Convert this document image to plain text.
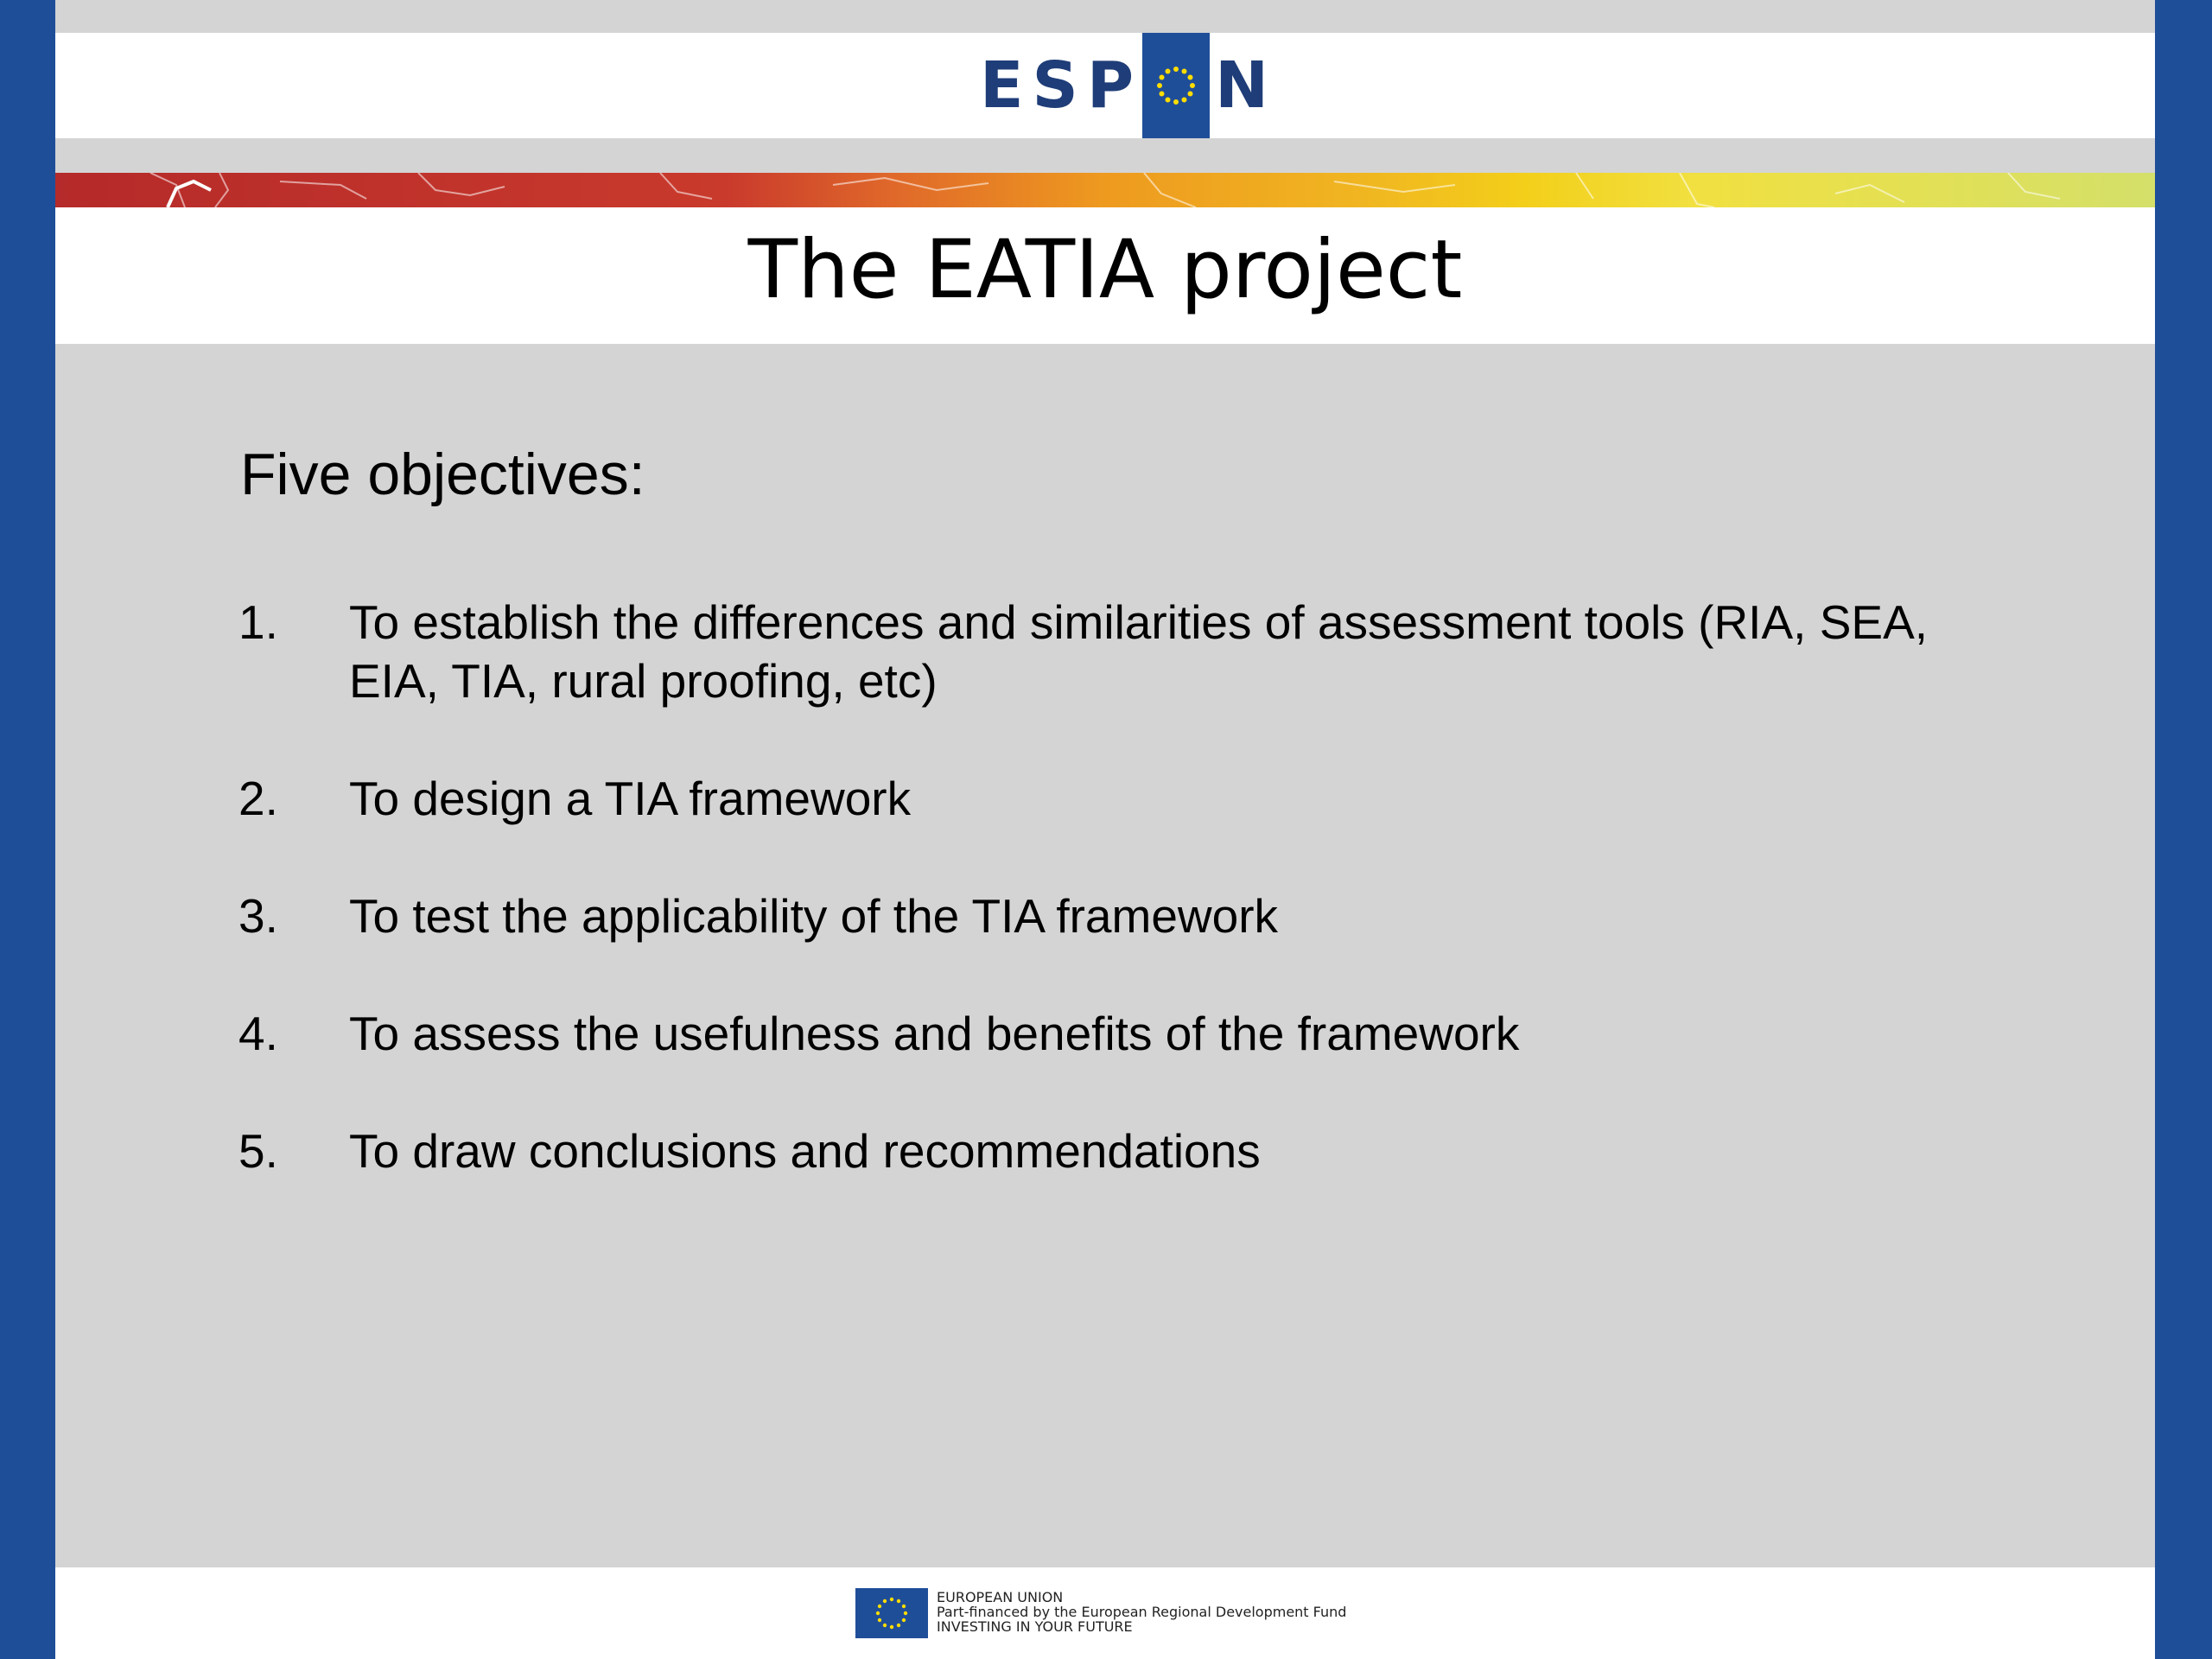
ESP N
The EATIA project
Five objectives:
1.	To establish the differences and similarities of assessment tools (RIA, SEA, EIA, TIA, rural proofing, etc)
2.	To design a TIA framework
3.	To test the applicability of the TIA framework
4.	To assess the usefulness and benefits of the framework
5.	To draw conclusions and recommendations
EUROPEAN UNION
Part-financed by the European Regional Development Fund
INVESTING IN YOUR FUTURE
